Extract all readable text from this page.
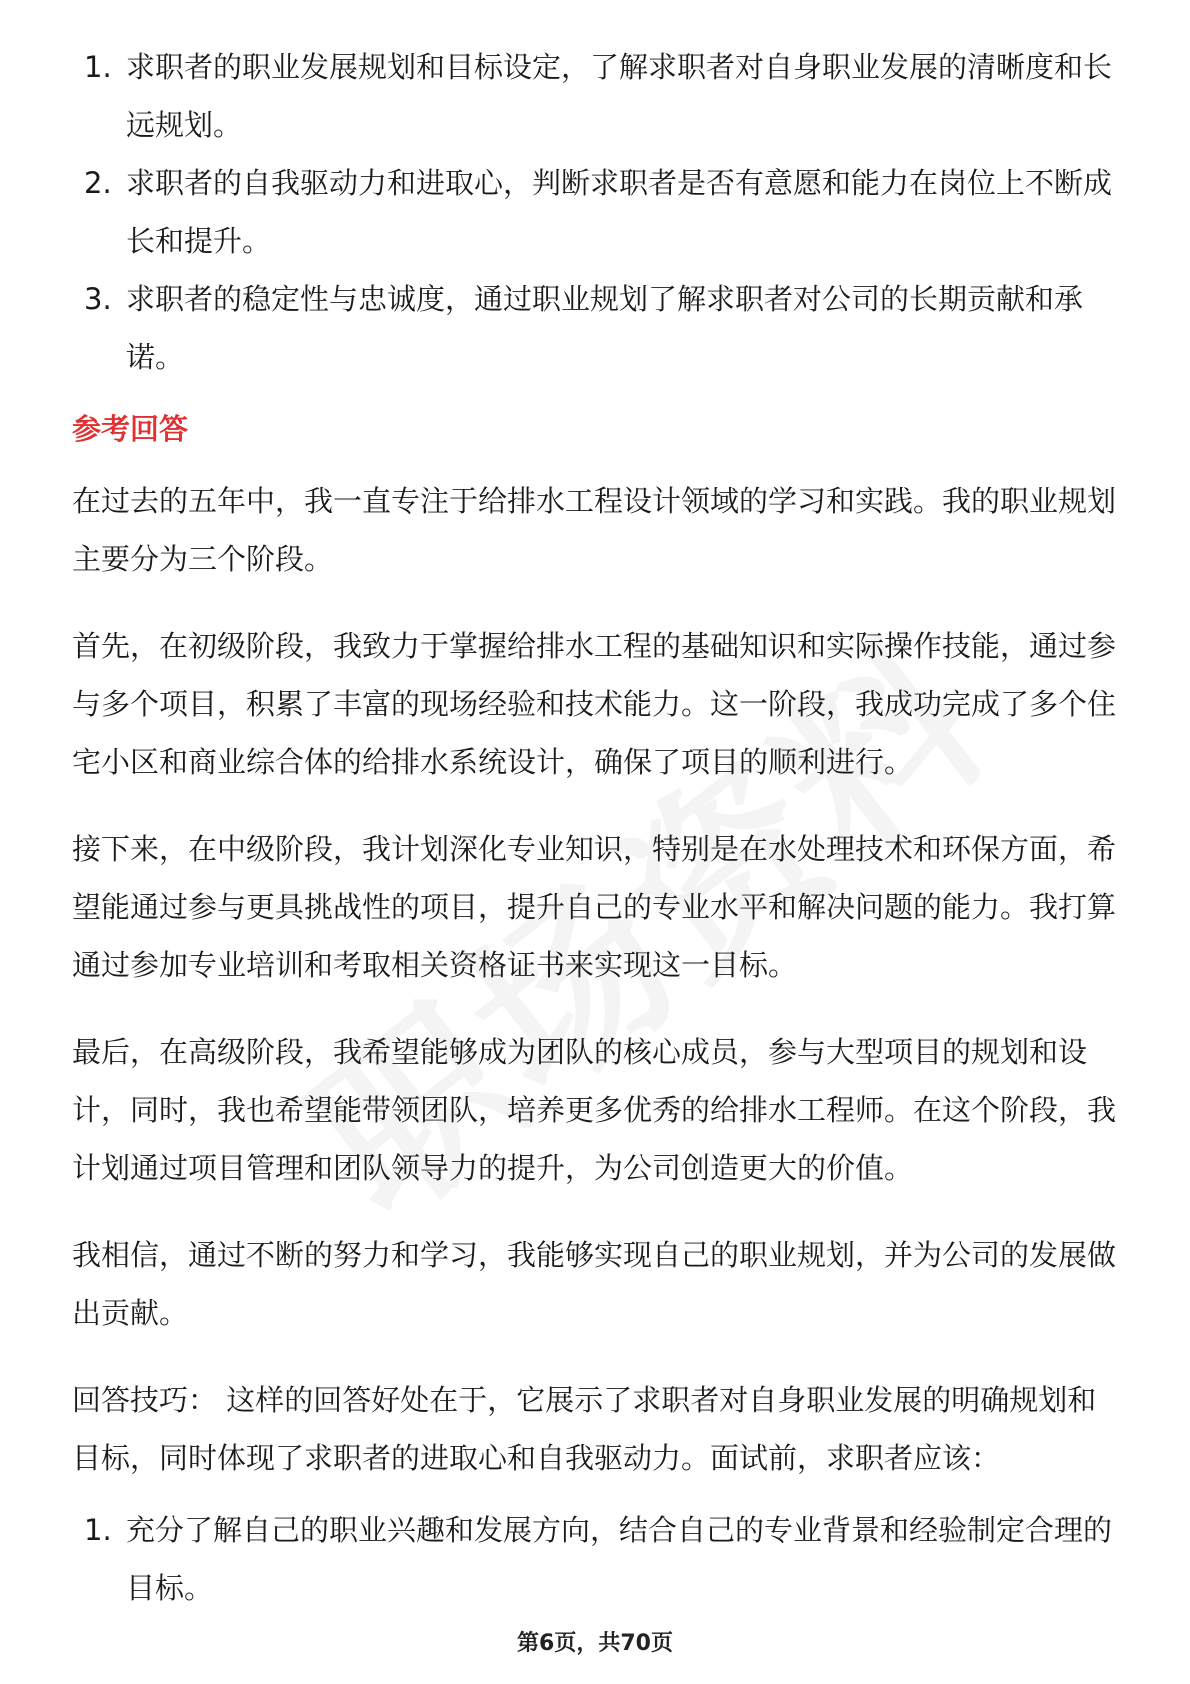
1. 求职者的职业发展规划和目标设定，了解求职者对自身职业发展的清晰度和长远规划。
2. 求职者的自我驱动力和进取心，判断求职者是否有意愿和能力在岗位上不断成长和提升。
3. 求职者的稳定性与忠诚度，通过职业规划了解求职者对公司的长期贡献和承诺。
参考回答

在过去的五年中，我一直专注于给排水工程设计领域的学习和实践。我的职业规划主要分为三个阶段。

首先，在初级阶段，我致力于掌握给排水工程的基础知识和实际操作技能，通过参与多个项目，积累了丰富的现场经验和技术能力。这一阶段，我成功完成了多个住宅小区和商业综合体的给排水系统设计，确保了项目的顺利进行。

接下来，在中级阶段，我计划深化专业知识，特别是在水处理技术和环保方面，希望能通过参与更具挑战性的项目，提升自己的专业水平和解决问题的能力。我打算通过参加专业培训和考取相关资格证书来实现这一目标。

最后，在高级阶段，我希望能够成为团队的核心成员，参与大型项目的规划和设计，同时，我也希望能带领团队，培养更多优秀的给排水工程师。在这个阶段，我计划通过项目管理和团队领导力的提升，为公司创造更大的价值。

我相信，通过不断的努力和学习，我能够实现自己的职业规划，并为公司的发展做出贡献。

回答技巧： 这样的回答好处在于，它展示了求职者对自身职业发展的明确规划和目标，同时体现了求职者的进取心和自我驱动力。面试前，求职者应该：

1. 充分了解自己的职业兴趣和发展方向，结合自己的专业背景和经验制定合理的目标。
第6页，共70页
